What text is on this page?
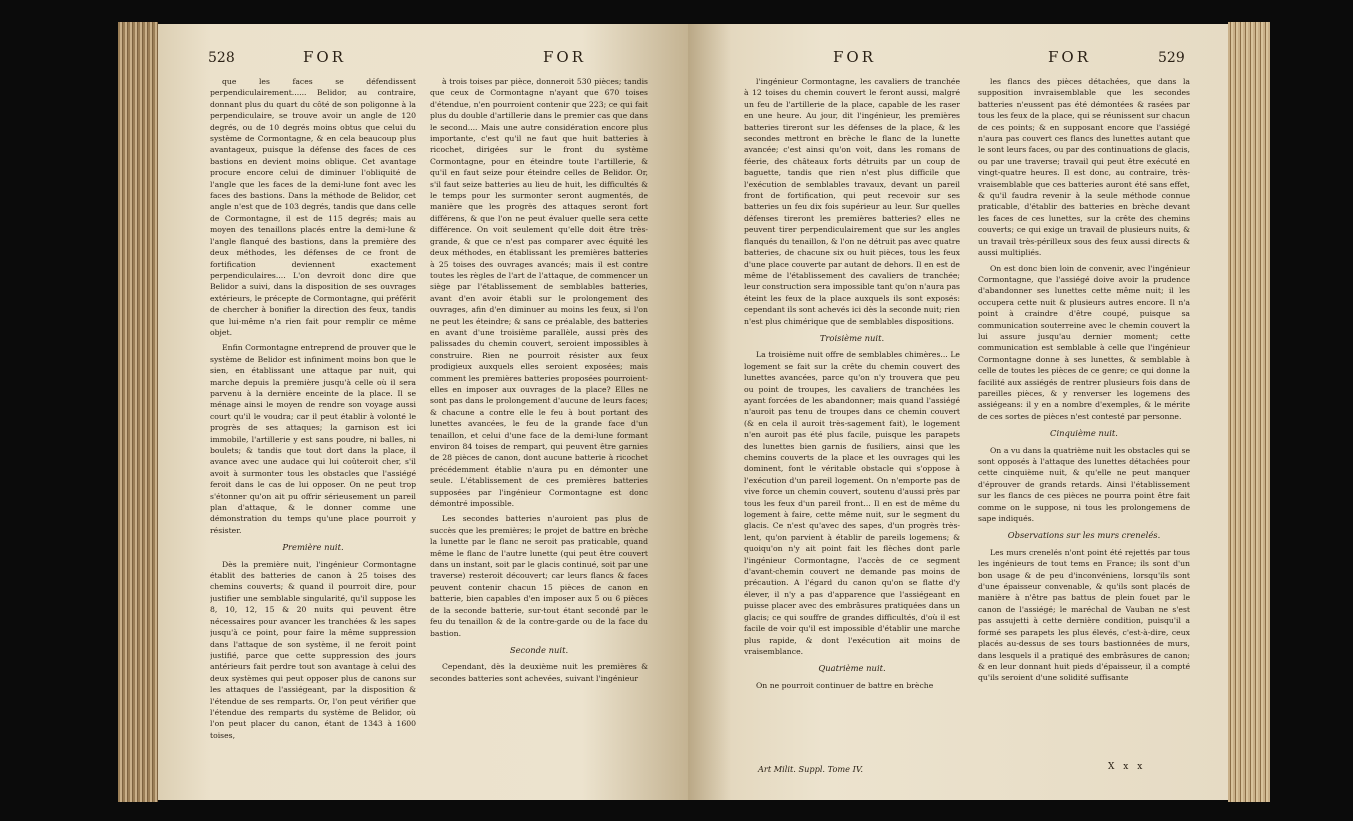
528	FOR	FOR

que les faces se défendissent perpendiculairement...... Belidor, au contraire, donnant plus du quart du côté de son poligonne à la perpendiculaire, se trouve avoir un angle de 120 degrés, ou de 10 degrés moins obtus que celui du système de Cormontagne, & en cela beaucoup plus avantageux, puisque la défense des faces de ces bastions en devient moins oblique. Cet avantage procure encore celui de diminuer l'obliquité de l'angle que les faces de la demi-lune font avec les faces des bastions. Dans la méthode de Belidor, cet angle n'est que de 103 degrés, tandis que dans celle de Cormontagne, il est de 115 degrés; mais au moyen des tenaillons placés entre la demi-lune & l'angle flanqué des bastions, dans la première des deux méthodes, les défenses de ce front de fortification deviennent exactement perpendiculaires.... L'on devroit donc dire que Belidor a suivi, dans la disposition de ses ouvrages extérieurs, le précepte de Cormontagne, qui préférit de chercher à bonifier la direction des feux, tandis que lui-même n'a rien fait pour remplir ce même objet.

Enfin Cormontagne entreprend de prouver que le système de Belidor est infiniment moins bon que le sien, en établissant une attaque par nuit, qui marche depuis la première jusqu'à celle où il sera parvenu à la dernière enceinte de la place. Il se ménage ainsi le moyen de rendre son voyage aussi court qu'il le voudra; car il peut établir à volonté le progrès de ses attaques; la garnison est ici immobile, l'artillerie y est sans poudre, ni balles, ni boulets; & tandis que tout dort dans la place, il avance avec une audace qui lui coûteroit cher, s'il avoit à surmonter tous les obstacles que l'assiégé feroit dans le cas de lui opposer. On ne peut trop s'étonner qu'on ait pu offrir sérieusement un pareil plan d'attaque, & le donner comme une démonstration du temps qu'une place pourroit y résister.

Première nuit.

Dès la première nuit, l'ingénieur Cormontagne établit des batteries de canon à 25 toises des chemins couverts; & quand il pourroit dire, pour justifier une semblable singularité, qu'il suppose les 8, 10, 12, 15 & 20 nuits qui peuvent être nécessaires pour avancer les tranchées & les sapes jusqu'à ce point, pour faire la même suppression dans l'attaque de son système, il ne feroit point justifié, parce que cette suppression des jours antérieurs fait perdre tout son avantage à celui des deux systèmes qui peut opposer plus de canons sur les attaques de l'assiégeant, par la disposition & l'étendue de ses remparts. Or, l'on peut vérifier que l'étendue des remparts du système de Belidor, où l'on peut placer du canon, étant de 1343 à 1600 toises,

à trois toises par pièce, donneroit 530 pièces; tandis que ceux de Cormontagne n'ayant que 670 toises d'étendue, n'en pourroient contenir que 223; ce qui fait plus du double d'artillerie dans le premier cas que dans le second.... Mais une autre considération encore plus importante, c'est qu'il ne faut que huit batteries à ricochet, dirigées sur le front du système Cormontagne, pour en éteindre toute l'artillerie, & qu'il en faut seize pour éteindre celles de Belidor. Or, s'il faut seize batteries au lieu de huit, les difficultés & le temps pour les surmonter seront augmentés, de manière que les progrès des attaques seront fort différens, & que l'on ne peut évaluer quelle sera cette différence. On voit seulement qu'elle doit être très-grande, & que ce n'est pas comparer avec équité les deux méthodes, en établissant les premières batteries à 25 toises des ouvrages avancés; mais il est contre toutes les règles de l'art de l'attaque, de commencer un siège par l'établissement de semblables batteries, avant d'en avoir établi sur le prolongement des ouvrages, afin d'en diminuer au moins les feux, si l'on ne peut les éteindre; & sans ce préalable, des batteries en avant d'une troisième parallèle, aussi près des palissades du chemin couvert, seroient impossibles à construire. Rien ne pourroit résister aux feux prodigieux auxquels elles seroient exposées; mais comment les premières batteries proposées pourroient-elles en imposer aux ouvrages de la place? Elles ne sont pas dans le prolongement d'aucune de leurs faces; & chacune a contre elle le feu à bout portant des lunettes avancées, le feu de la grande face d'un tenaillon, et celui d'une face de la demi-lune formant environ 84 toises de rempart, qui peuvent être garnies de 28 pièces de canon, dont aucune batterie à ricochet précédemment établie n'aura pu en démonter une seule. L'établissement de ces premières batteries supposées par l'ingénieur Cormontagne est donc démontré impossible.

Les secondes batteries n'auroient pas plus de succès que les premières; le projet de battre en brèche la lunette par le flanc ne seroit pas praticable, quand même le flanc de l'autre lunette (qui peut être couvert dans un instant, soit par le glacis continué, soit par une traverse) resteroit découvert; car leurs flancs & faces peuvent contenir chacun 15 pièces de canon en batterie, bien capables d'en imposer aux 5 ou 6 pièces de la seconde batterie, sur-tout étant secondé par le feu du tenaillon & de la contre-garde ou de la face du bastion.

Seconde nuit.

Cependant, dès la deuxième nuit les premières & secondes batteries sont achevées, suivant l'ingénieur

FOR	FOR	529

l'ingénieur Cormontagne, les cavaliers de tranchée à 12 toises du chemin couvert le feront aussi, malgré un feu de l'artillerie de la place, capable de les raser en une heure. Au jour, dit l'ingénieur, les premières batteries tireront sur les défenses de la place, & les secondes mettront en brèche le flanc de la lunette avancée; c'est ainsi qu'on voit, dans les romans de féerie, des châteaux forts détruits par un coup de baguette, tandis que rien n'est plus difficile que l'exécution de semblables travaux, devant un pareil front de fortification, qui peut recevoir sur ses batteries un feu dix fois supérieur au leur. Sur quelles défenses tireront les premières batteries? elles ne peuvent tirer perpendiculairement que sur les angles flanqués du tenaillon, & l'on ne détruit pas avec quatre batteries, de chacune six ou huit pièces, tous les feux d'une place couverte par autant de dehors. Il en est de même de l'établissement des cavaliers de tranchée; leur construction sera impossible tant qu'on n'aura pas éteint les feux de la place auxquels ils sont exposés: cependant ils sont achevés ici dès la seconde nuit; rien n'est plus chimérique que de semblables dispositions.

Troisième nuit.

La troisième nuit offre de semblables chimères... Le logement se fait sur la crête du chemin couvert des lunettes avancées, parce qu'on n'y trouvera que peu ou point de troupes, les cavaliers de tranchées les ayant forcées de les abandonner; mais quand l'assiégé n'auroit pas tenu de troupes dans ce chemin couvert (& en cela il auroit très-sagement fait), le logement n'en auroit pas été plus facile, puisque les parapets des lunettes bien garnis de fusiliers, ainsi que les chemins couverts de la place et les ouvrages qui les dominent, font le véritable obstacle qui s'oppose à l'exécution d'un pareil logement. On n'emporte pas de vive force un chemin couvert, soutenu d'aussi près par tous les feux d'un pareil front... Il en est de même du logement à faire, cette même nuit, sur le segment du glacis. Ce n'est qu'avec des sapes, d'un progrès très-lent, qu'on parvient à établir de pareils logemens; & quoiqu'on n'y ait point fait les flèches dont parle l'ingénieur Cormontagne, l'accès de ce segment d'avant-chemin couvert ne demande pas moins de précaution. A l'égard du canon qu'on se flatte d'y élever, il n'y a pas d'apparence que l'assiégeant en puisse placer avec des embrâsures pratiquées dans un glacis; ce qui souffre de grandes difficultés, d'où il est facile de voir qu'il est impossible d'établir une marche plus rapide, & dont l'exécution ait moins de vraisemblance.

Quatrième nuit.

On ne pourroit continuer de battre en brèche

les flancs des pièces détachées, que dans la supposition invraisemblable que les secondes batteries n'eussent pas été démontées & rasées par tous les feux de la place, qui se réunissent sur chacun de ces points; & en supposant encore que l'assiégé n'aura pas couvert ces flancs des lunettes autant que le sont leurs faces, ou par des continuations de glacis, ou par une traverse; travail qui peut être exécuté en vingt-quatre heures. Il est donc, au contraire, très-vraisemblable que ces batteries auront été sans effet, & qu'il faudra revenir à la seule méthode connue praticable, d'établir des batteries en brèche devant les faces de ces lunettes, sur la crête des chemins couverts; ce qui exige un travail de plusieurs nuits, & un travail très-périlleux sous des feux aussi directs & aussi multipliés.

On est donc bien loin de convenir, avec l'ingénieur Cormontagne, que l'assiégé doive avoir la prudence d'abandonner ses lunettes cette même nuit; il les occupera cette nuit & plusieurs autres encore. Il n'a point à craindre d'être coupé, puisque sa communication souterreine avec le chemin couvert la lui assure jusqu'au dernier moment; cette communication est semblable à celle que l'ingénieur Cormontagne donne à ses lunettes, & semblable à celle de toutes les pièces de ce genre; ce qui donne la facilité aux assiégés de rentrer plusieurs fois dans de pareilles pièces, & y renverser les logemens des assiégeans: il y en a nombre d'exemples, & le mérite de ces sortes de pièces n'est contesté par personne.

Cinquième nuit.

On a vu dans la quatrième nuit les obstacles qui se sont opposés à l'attaque des lunettes détachées pour cette cinquième nuit, & qu'elle ne peut manquer d'éprouver de grands retards. Ainsi l'établissement sur les flancs de ces pièces ne pourra point être fait comme on le suppose, ni tous les prolongemens de sape indiqués.

Observations sur les murs crenelés.

Les murs crenelés n'ont point été rejettés par tous les ingénieurs de tout tems en France; ils sont d'un bon usage & de peu d'inconvéniens, lorsqu'ils sont d'une épaisseur convenable, & qu'ils sont placés de manière à n'être pas battus de plein fouet par le canon de l'assiégé; le maréchal de Vauban ne s'est pas assujetti à cette dernière condition, puisqu'il a formé ses parapets les plus élevés, c'est-à-dire, ceux placés au-dessus de ses tours bastionnées de murs, dans lesquels il a pratiqué des embrâsures de canon; & en leur donnant huit pieds d'épaisseur, il a compté qu'ils seroient d'une solidité suffisante

Art Milit. Suppl. Tome IV.	X x x
